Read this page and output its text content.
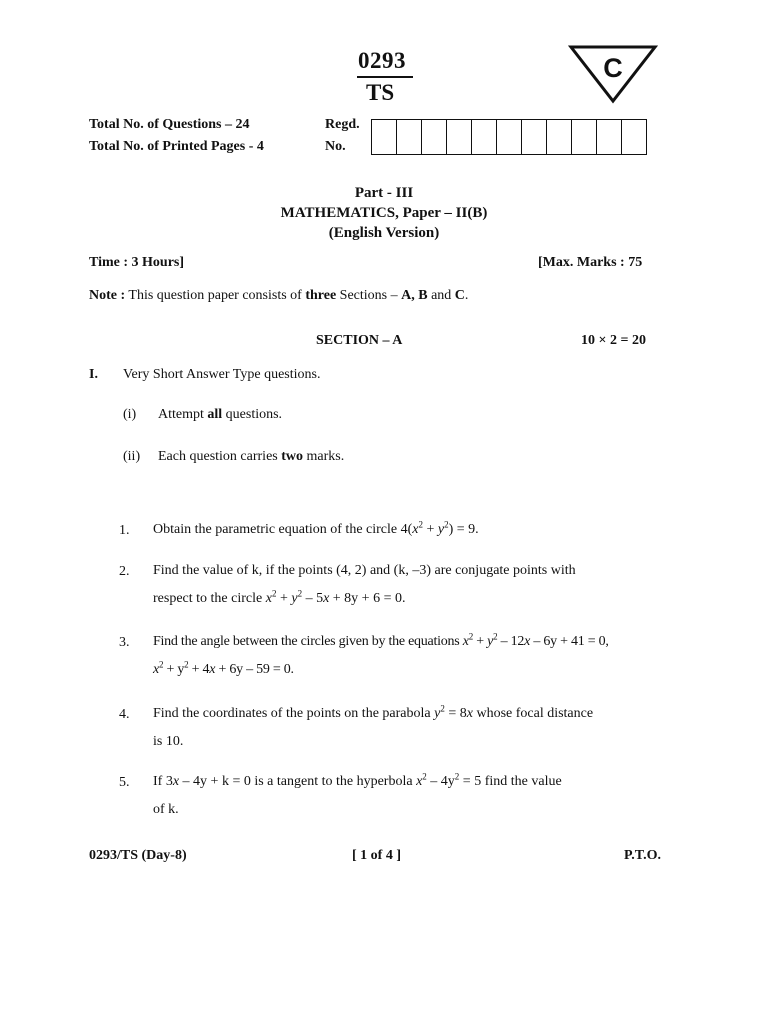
0293
TS
C
Total No. of Questions – 24
Total No. of Printed Pages - 4
Regd.
No.
Part - III
MATHEMATICS, Paper – II(B)
(English Version)
Time : 3 Hours]	[Max. Marks : 75
Note : This question paper consists of three Sections – A, B and C.
SECTION – A	10 × 2 = 20
I. Very Short Answer Type questions.
(i) Attempt all questions.
(ii) Each question carries two marks.
1. Obtain the parametric equation of the circle $4(x^2 + y^2) = 9$.
2. Find the value of k, if the points (4, 2) and (k, –3) are conjugate points with
respect to the circle $x^2 + y^2 - 5x + 8y + 6 = 0$.
3. Find the angle between the circles given by the equations $x^2 + y^2 - 12x - 6y + 41 = 0$,
$x^2 + y^2 + 4x + 6y - 59 = 0$.
4. Find the coordinates of the points on the parabola $y^2 = 8x$ whose focal distance
is 10.
5. If 3x – 4y + k = 0 is a tangent to the hyperbola $x^2 - 4y^2 = 5$ find the value
of k.
0293/TS (Day-8)	[ 1 of 4 ]	P.T.O.
